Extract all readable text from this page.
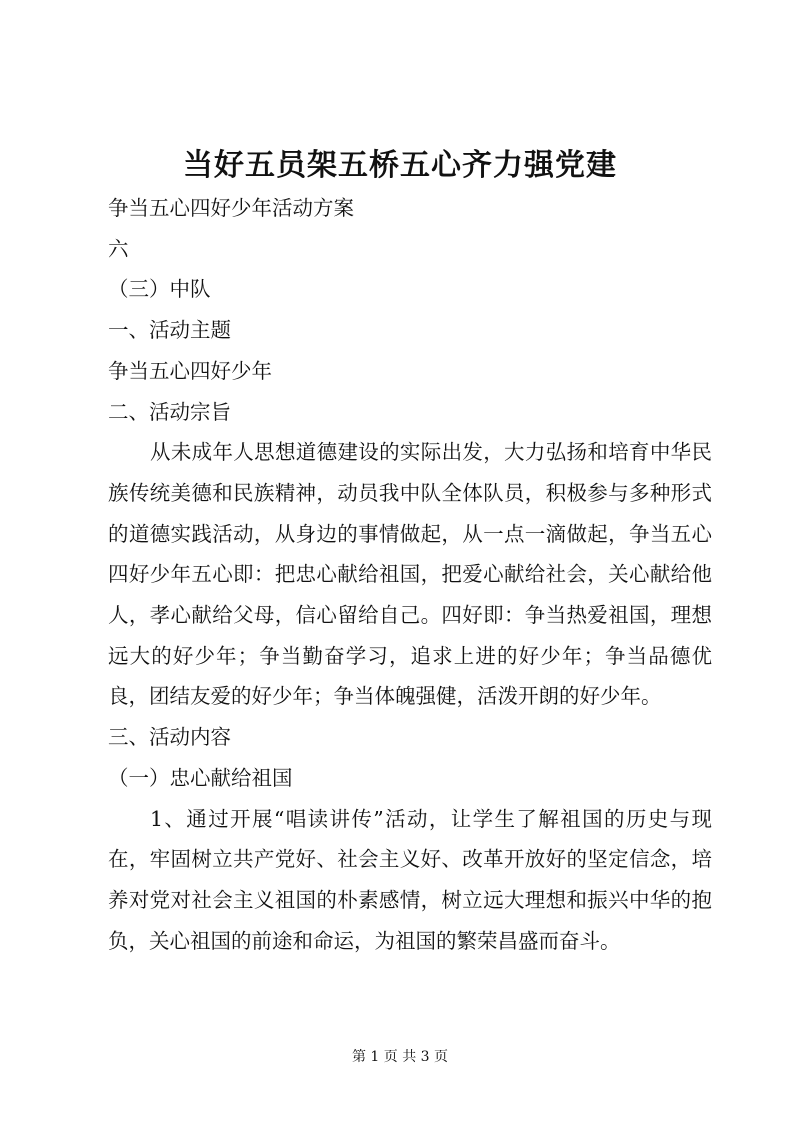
当好五员架五桥五心齐力强党建

争当五心四好少年活动方案

六

（三）中队

一、活动主题

争当五心四好少年

二、活动宗旨

从未成年人思想道德建设的实际出发，大力弘扬和培育中华民族传统美德和民族精神，动员我中队全体队员，积极参与多种形式的道德实践活动，从身边的事情做起，从一点一滴做起，争当五心四好少年五心即：把忠心献给祖国，把爱心献给社会，关心献给他人，孝心献给父母，信心留给自己。四好即：争当热爱祖国，理想远大的好少年；争当勤奋学习，追求上进的好少年；争当品德优良，团结友爱的好少年；争当体魄强健，活泼开朗的好少年。

三、活动内容

（一）忠心献给祖国

1、通过开展“唱读讲传”活动，让学生了解祖国的历史与现在，牢固树立共产党好、社会主义好、改革开放好的坚定信念，培养对党对社会主义祖国的朴素感情，树立远大理想和振兴中华的抱负，关心祖国的前途和命运，为祖国的繁荣昌盛而奋斗。

第 1 页 共 3 页
